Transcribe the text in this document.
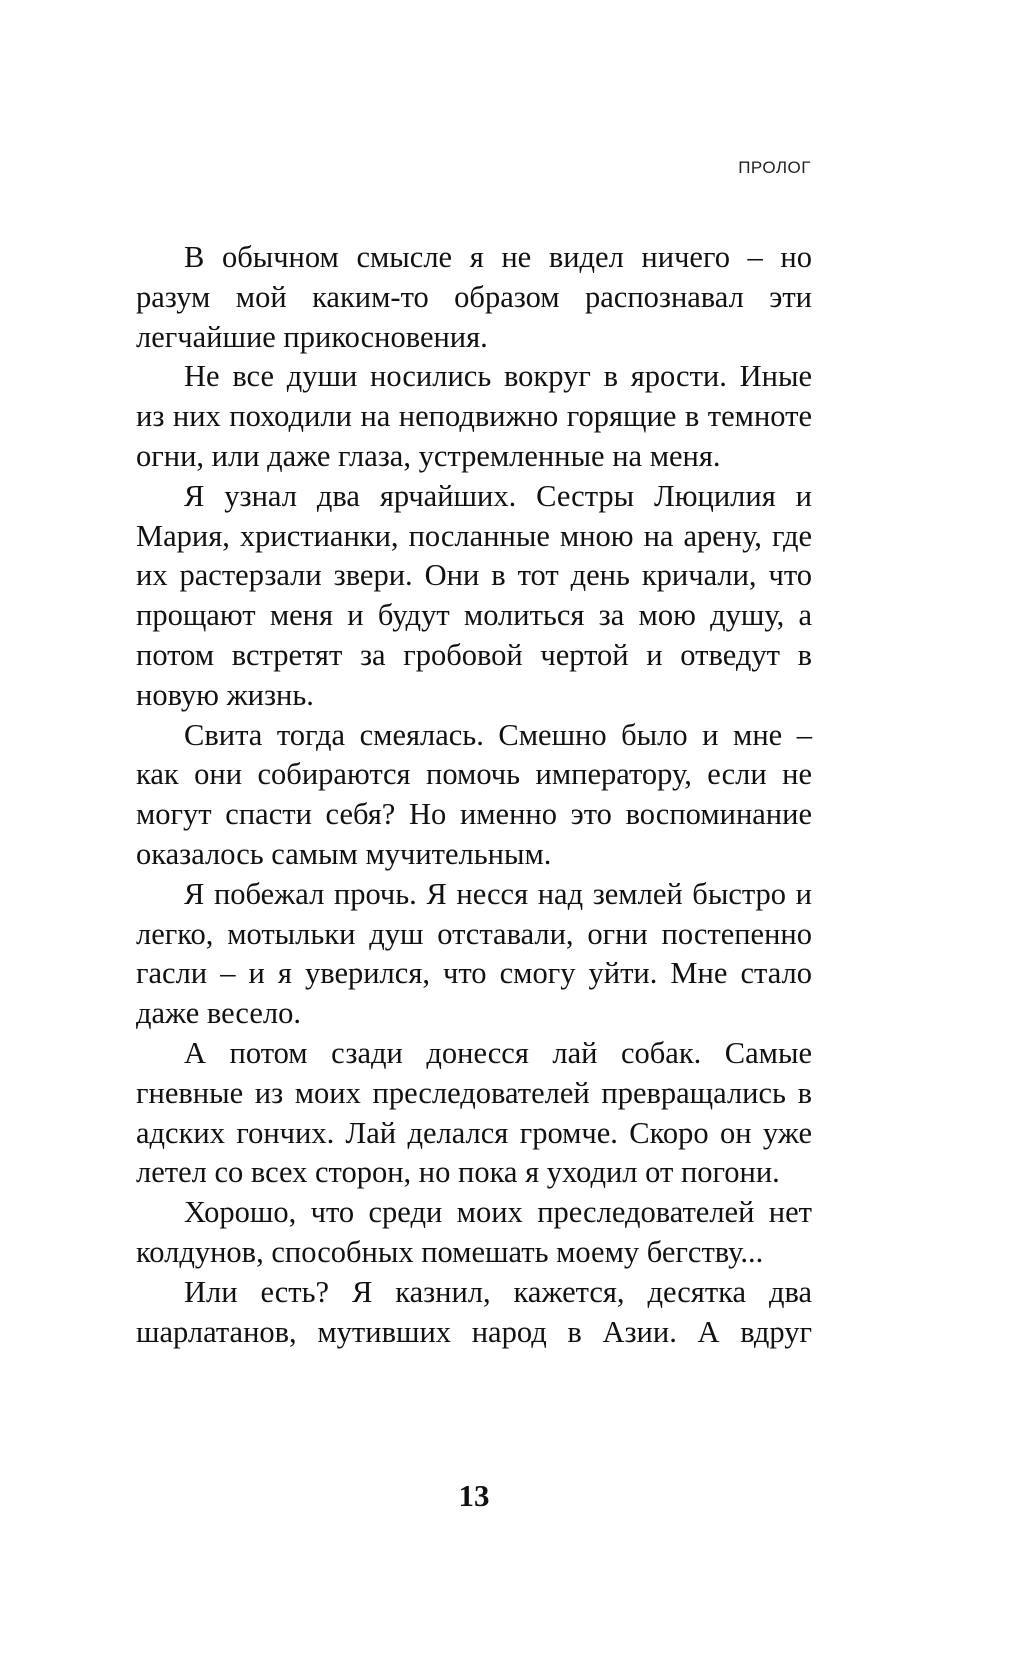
ПРОЛОГ

В обычном смысле я не видел ничего – но разум мой каким-то образом распознавал эти легчайшие прикосновения.

Не все души носились вокруг в ярости. Иные из них походили на неподвижно горящие в темноте огни, или даже глаза, устремленные на меня.

Я узнал два ярчайших. Сестры Люцилия и Мария, христианки, посланные мною на арену, где их растерзали звери. Они в тот день кричали, что прощают меня и будут молиться за мою душу, а потом встретят за гробовой чертой и отведут в новую жизнь.

Свита тогда смеялась. Смешно было и мне – как они собираются помочь императору, если не могут спасти себя? Но именно это воспоминание оказалось самым мучительным.

Я побежал прочь. Я несся над землей быстро и легко, мотыльки душ отставали, огни постепенно гасли – и я уверился, что смогу уйти. Мне стало даже весело.

А потом сзади донесся лай собак. Самые гневные из моих преследователей превращались в адских гончих. Лай делался громче. Скоро он уже летел со всех сторон, но пока я уходил от погони.

Хорошо, что среди моих преследователей нет колдунов, способных помешать моему бегству...

Или есть? Я казнил, кажется, десятка два шарлатанов, мутивших народ в Азии. А вдруг

13
